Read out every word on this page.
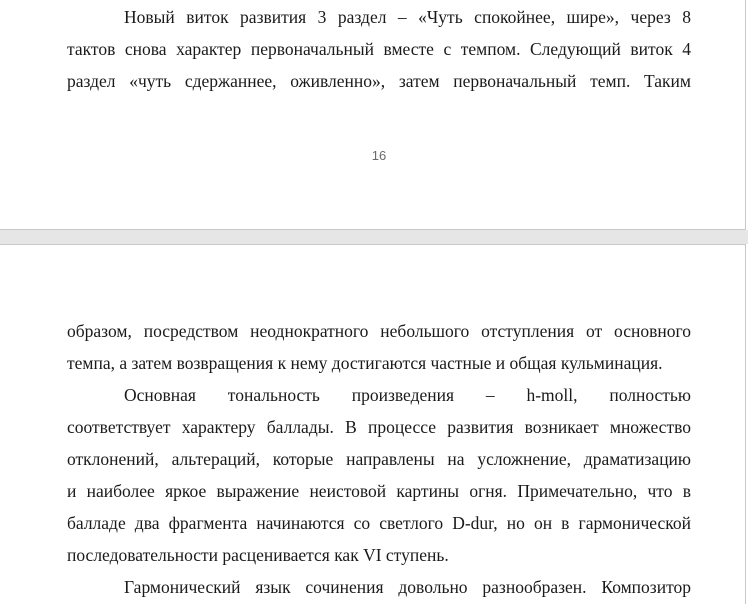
Новый виток развития 3 раздел – «Чуть спокойнее, шире», через 8
тактов снова характер первоначальный вместе с темпом. Следующий виток 4
раздел «чуть сдержаннее, оживленно», затем первоначальный темп. Таким
16
образом, посредством неоднократного небольшого отступления от основного
темпа, а затем возвращения к нему достигаются частные и общая кульминация.
Основная тональность произведения – h-moll, полностью
соответствует характеру баллады. В процессе развития возникает множество
отклонений, альтераций, которые направлены на усложнение, драматизацию
и наиболее яркое выражение неистовой картины огня. Примечательно, что в
балладе два фрагмента начинаются со светлого D-dur, но он в гармонической
последовательности расценивается как VI ступень.
Гармонический язык сочинения довольно разнообразен. Композитор
